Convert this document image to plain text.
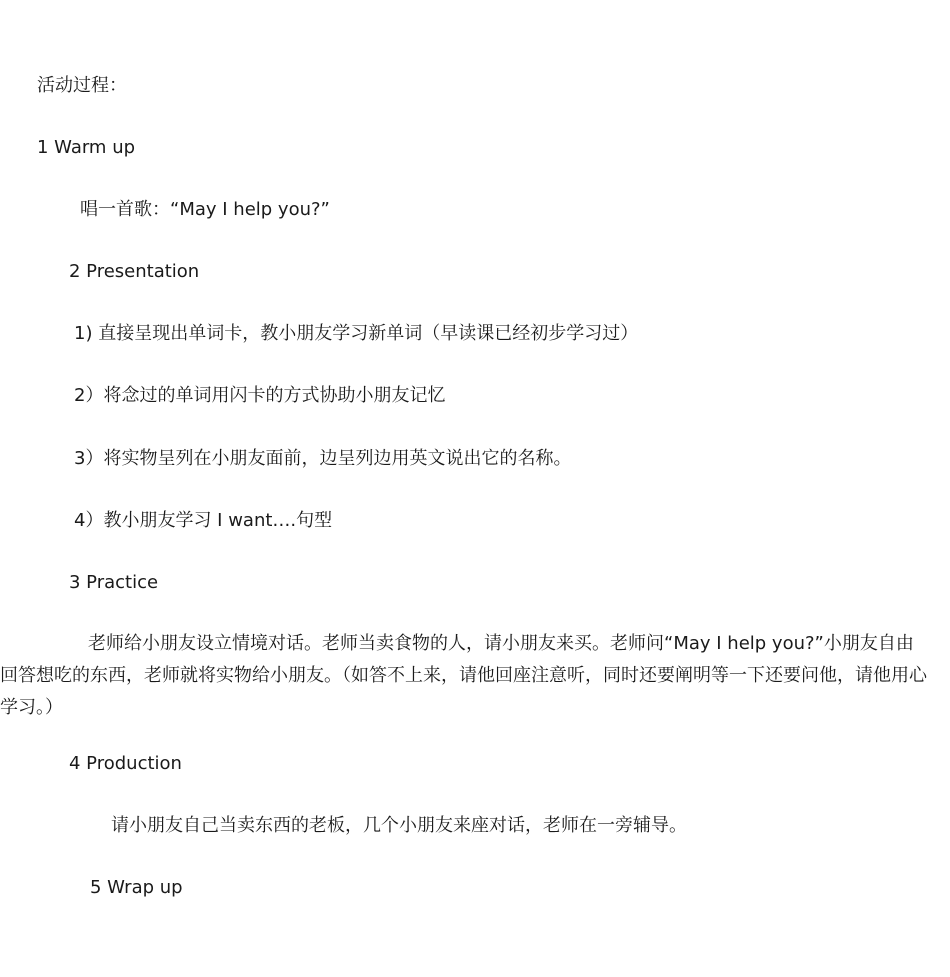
活动过程：
1 Warm up
唱一首歌：“May I help you?”
2 Presentation
1) 直接呈现出单词卡，教小朋友学习新单词（早读课已经初步学习过）
2）将念过的单词用闪卡的方式协助小朋友记忆
3）将实物呈列在小朋友面前，边呈列边用英文说出它的名称。
4）教小朋友学习 I want….句型
3 Practice
老师给小朋友设立情境对话。老师当卖食物的人，请小朋友来买。老师问“May I help you?”小朋友自由回答想吃的东西，老师就将实物给小朋友。（如答不上来，请他回座注意听，同时还要阐明等一下还要问他，请他用心学习。）
4 Production
请小朋友自己当卖东西的老板，几个小朋友来座对话，老师在一旁辅导。
5 Wrap up
